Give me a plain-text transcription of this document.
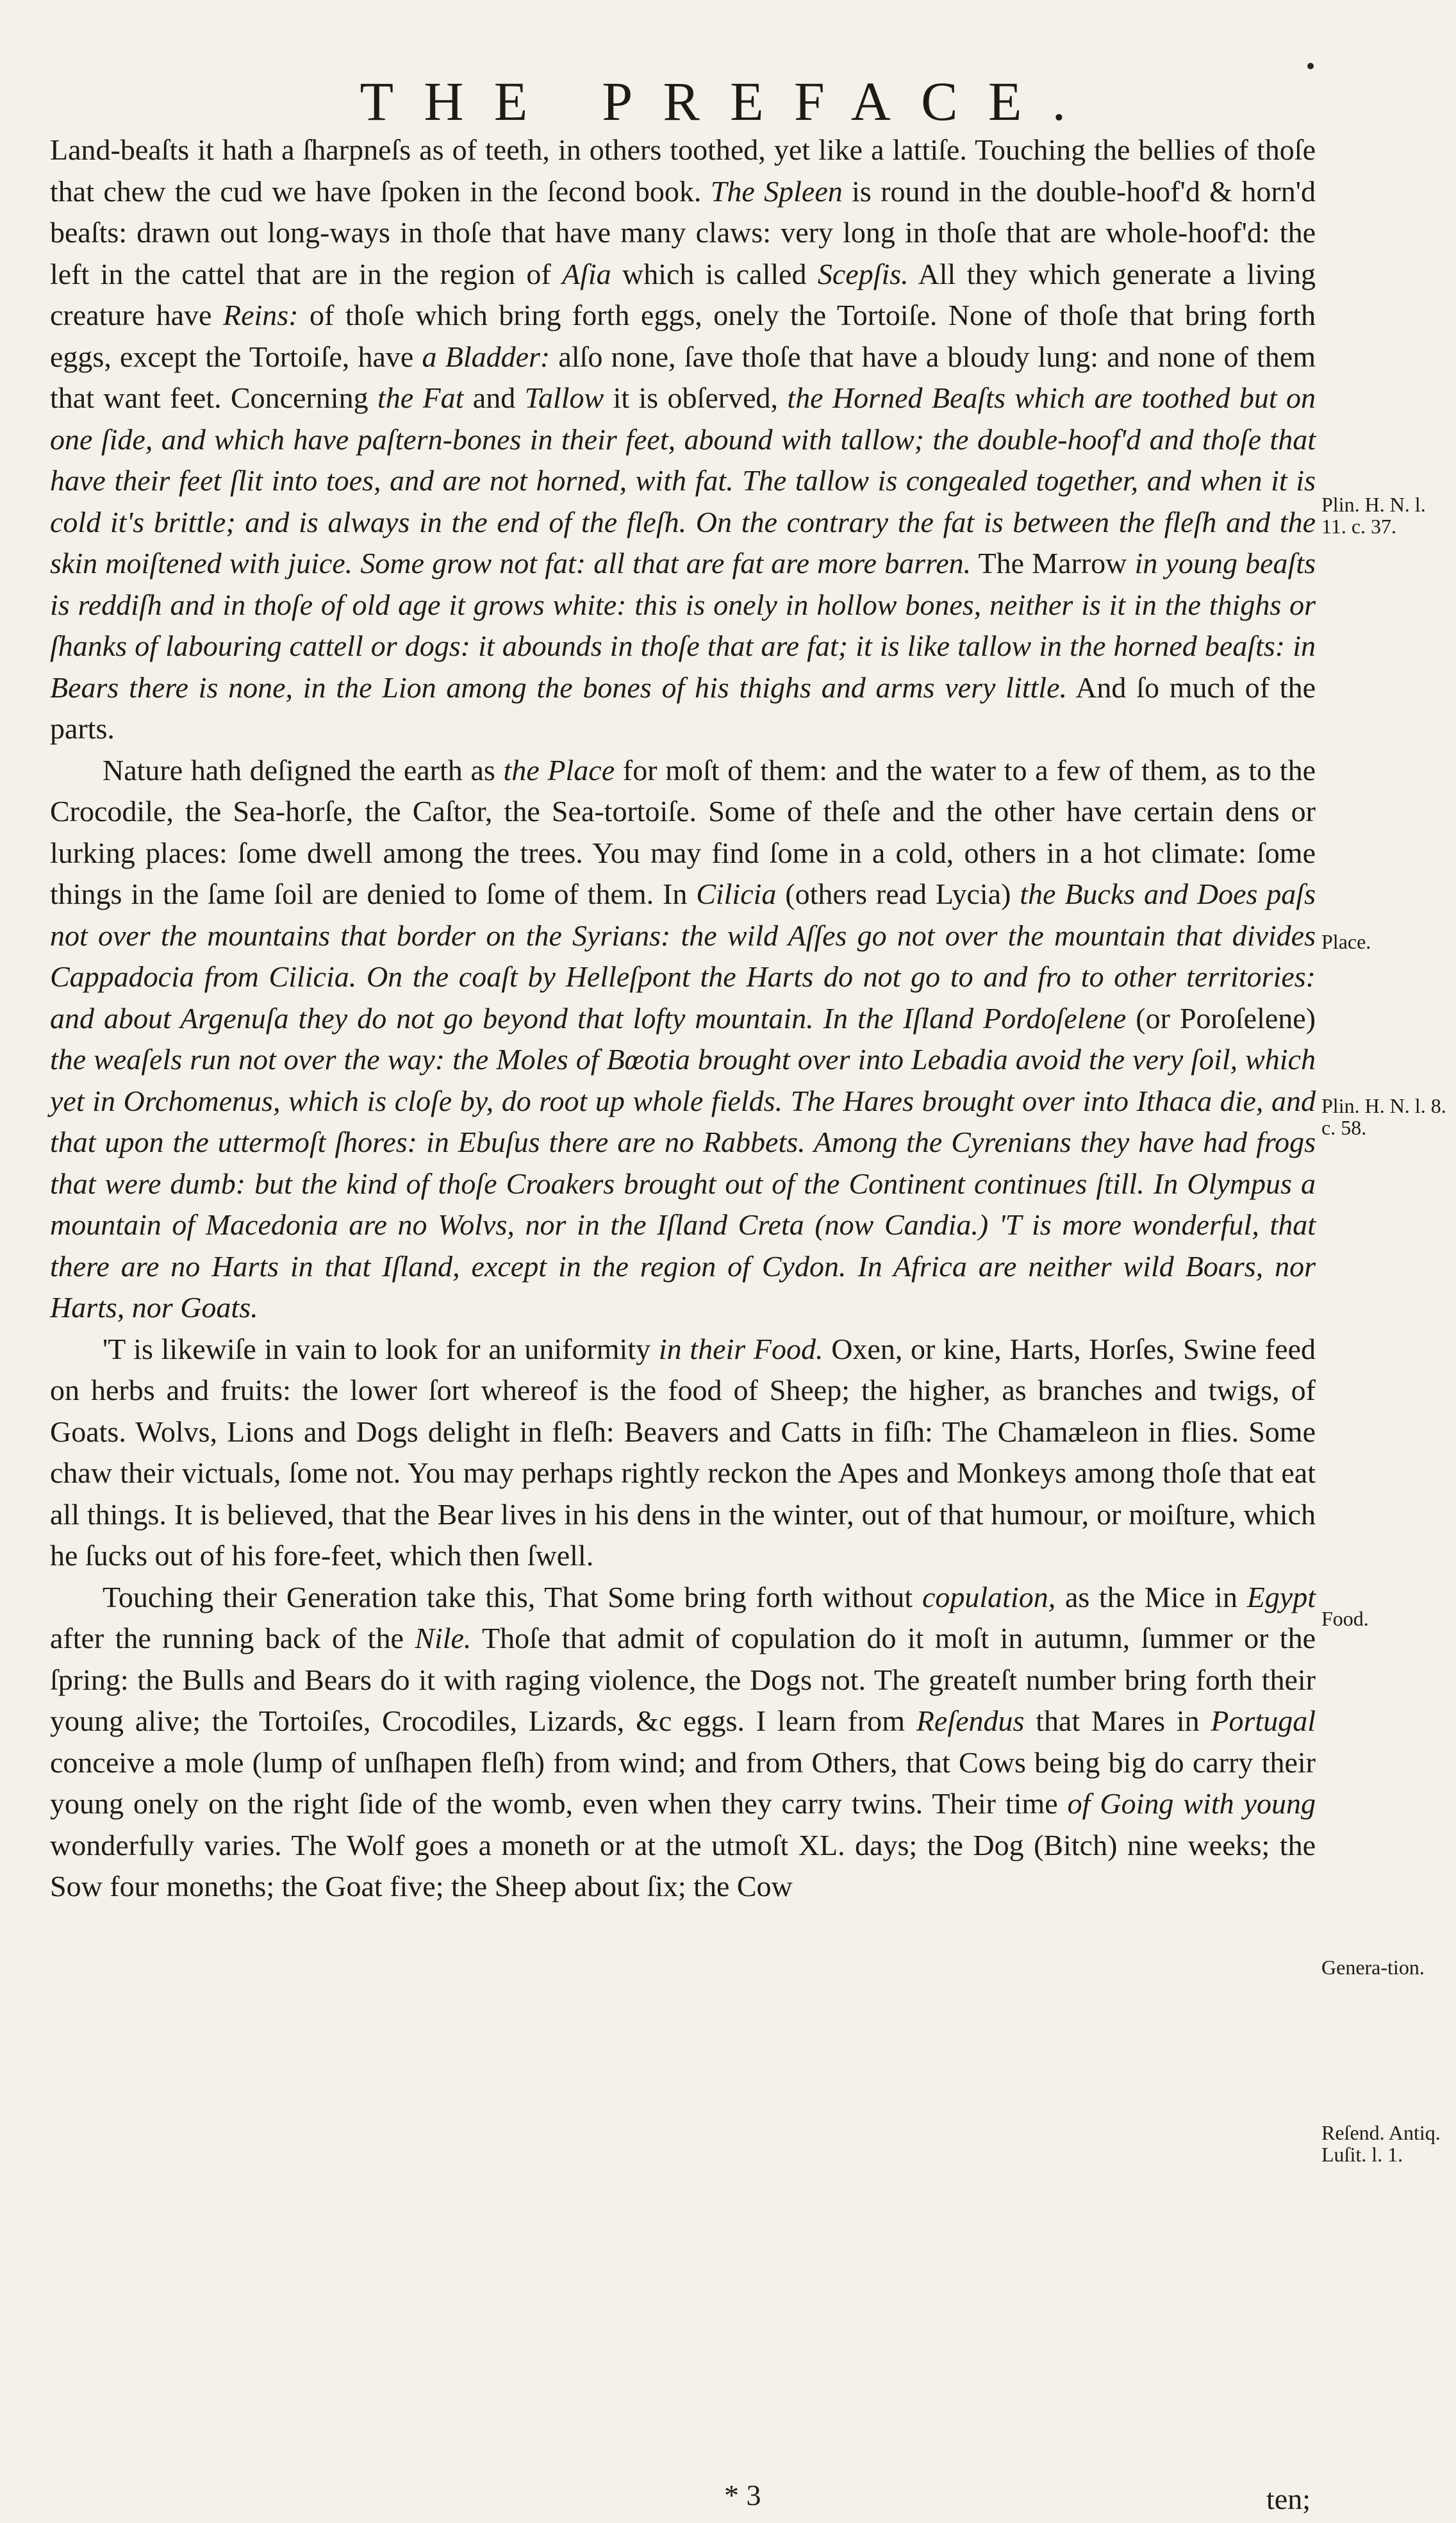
THE PREFACE.

Land-beaſts it hath a ſharpneſs as of teeth, in others toothed, yet like a lattiſe. Touching the bellies of thoſe that chew the cud we have ſpoken in the ſecond book. The Spleen is round in the double-hoof'd & horn'd beaſts: drawn out long-ways in thoſe that have many claws: very long in thoſe that are whole-hoof'd: the left in the cattel that are in the region of Aſia which is called Scepſis. All they which generate a living creature have Reins: of thoſe which bring forth eggs, onely the Tortoiſe. None of thoſe that bring forth eggs, except the Tortoiſe, have a Bladder: alſo none, ſave thoſe that have a bloudy lung: and none of them that want feet. Concerning the Fat and Tallow it is obſerved, the Horned Beaſts which are toothed but on one ſide, and which have paſtern-bones in their feet, abound with tallow; the double-hoof'd and thoſe that have their feet ſlit into toes, and are not horned, with fat. The tallow is congealed together, and when it is cold it's brittle; and is always in the end of the fleſh. On the contrary the fat is between the fleſh and the skin moiſtened with juice. Some grow not fat: all that are fat are more barren. The Marrow in young beaſts is reddiſh and in thoſe of old age it grows white: this is onely in hollow bones, neither is it in the thighs or ſhanks of labouring cattell or dogs: it abounds in thoſe that are fat; it is like tallow in the horned beaſts: in Bears there is none, in the Lion among the bones of his thighs and arms very little. And ſo much of the parts.

Nature hath deſigned the earth as the Place for moſt of them: and the water to a few of them, as to the Crocodile, the Sea-horſe, the Caſtor, the Sea-tortoiſe. Some of theſe and the other have certain dens or lurking places: ſome dwell among the trees. You may find ſome in a cold, others in a hot climate: ſome things in the ſame ſoil are denied to ſome of them. In Cilicia (others read Lycia) the Bucks and Does paſs not over the mountains that border on the Syrians: the wild Aſſes go not over the mountain that divides Cappadocia from Cilicia. On the coaſt by Helleſpont the Harts do not go to and fro to other territories: and about Argenuſa they do not go beyond that lofty mountain. In the Iſland Pordoſelene (or Poroſelene) the weaſels run not over the way: the Moles of Bœotia brought over into Lebadia avoid the very ſoil, which yet in Orchomenus, which is cloſe by, do root up whole fields. The Hares brought over into Ithaca die, and that upon the uttermoſt ſhores: in Ebuſus there are no Rabbets. Among the Cyrenians they have had frogs that were dumb: but the kind of thoſe Croakers brought out of the Continent continues ſtill. In Olympus a mountain of Macedonia are no Wolvs, nor in the Iſland Creta (now Candia.) 'T is more wonderful, that there are no Harts in that Iſland, except in the region of Cydon. In Africa are neither wild Boars, nor Harts, nor Goats.

'T is likewiſe in vain to look for an uniformity in their Food. Oxen, or kine, Harts, Horſes, Swine feed on herbs and fruits: the lower ſort whereof is the food of Sheep; the higher, as branches and twigs, of Goats. Wolvs, Lions and Dogs delight in fleſh: Beavers and Catts in fiſh: The Chamæleon in flies. Some chaw their victuals, ſome not. You may perhaps rightly reckon the Apes and Monkeys among thoſe that eat all things. It is believed, that the Bear lives in his dens in the winter, out of that humour, or moiſture, which he ſucks out of his fore-feet, which then ſwell.

Touching their Generation take this, That Some bring forth without copulation, as the Mice in Egypt after the running back of the Nile. Thoſe that admit of copulation do it moſt in autumn, ſummer or the ſpring: the Bulls and Bears do it with raging violence, the Dogs not. The greateſt number bring forth their young alive; the Tortoiſes, Crocodiles, Lizards, &c eggs. I learn from Reſendus that Mares in Portugal conceive a mole (lump of unſhapen fleſh) from wind; and from Others, that Cows being big do carry their young onely on the right ſide of the womb, even when they carry twins. Their time of Going with young wonderfully varies. The Wolf goes a moneth or at the utmoſt XL. days; the Dog (Bitch) nine weeks; the Sow four moneths; the Goat five; the Sheep about ſix; the Cow

Plin. H. N. l. 11. c. 37.
Place.
Plin. H. N. l. 8. c. 58.
Food.
Genera-tion.
Reſend. Antiq. Luſit. l. 1.
* 3	ten;
